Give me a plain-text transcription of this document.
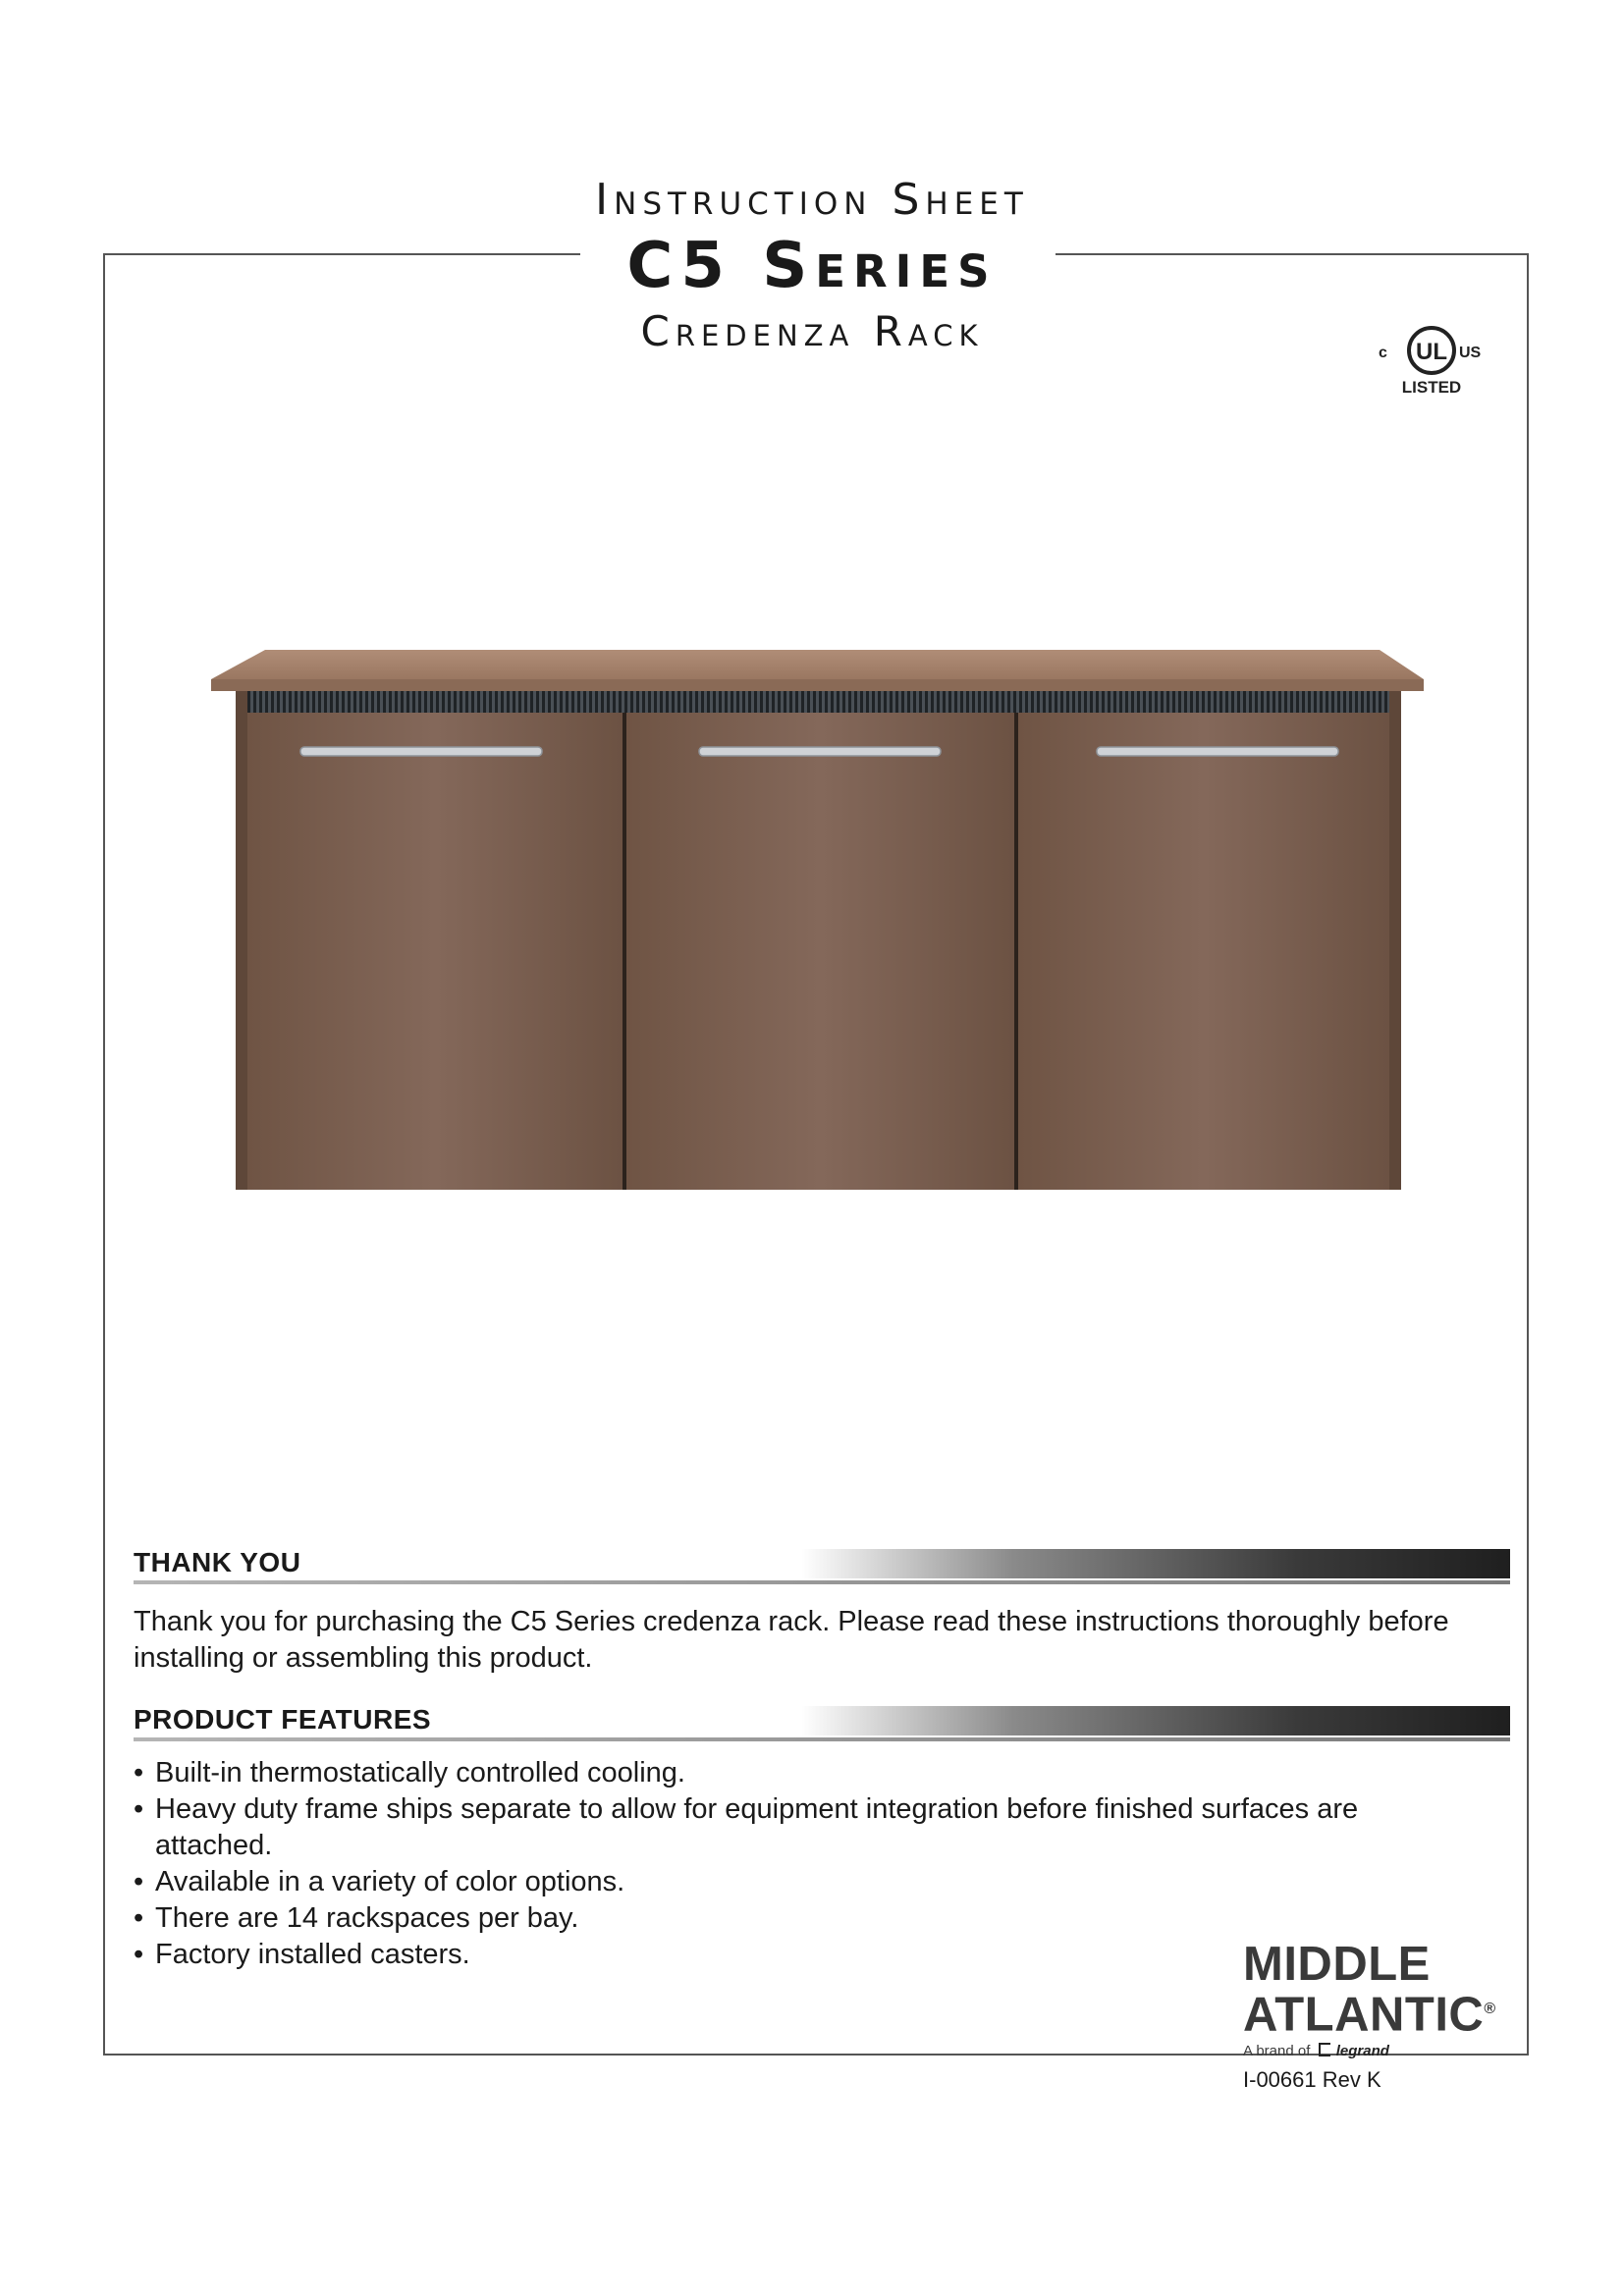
Instruction Sheet
C5 Series
Credenza Rack	c UL US
LISTED
THANK YOU
Thank you for purchasing the C5 Series credenza rack. Please read these instructions thoroughly before installing or assembling this product.
PRODUCT FEATURES
• Built-in thermostatically controlled cooling.
• Heavy duty frame ships separate to allow for equipment integration before finished surfaces are attached.
• Available in a variety of color options.
• There are 14 rackspaces per bay.
• Factory installed casters.	MIDDLE
ATLANTIC®
A brand of legrand
I-00661 Rev K
